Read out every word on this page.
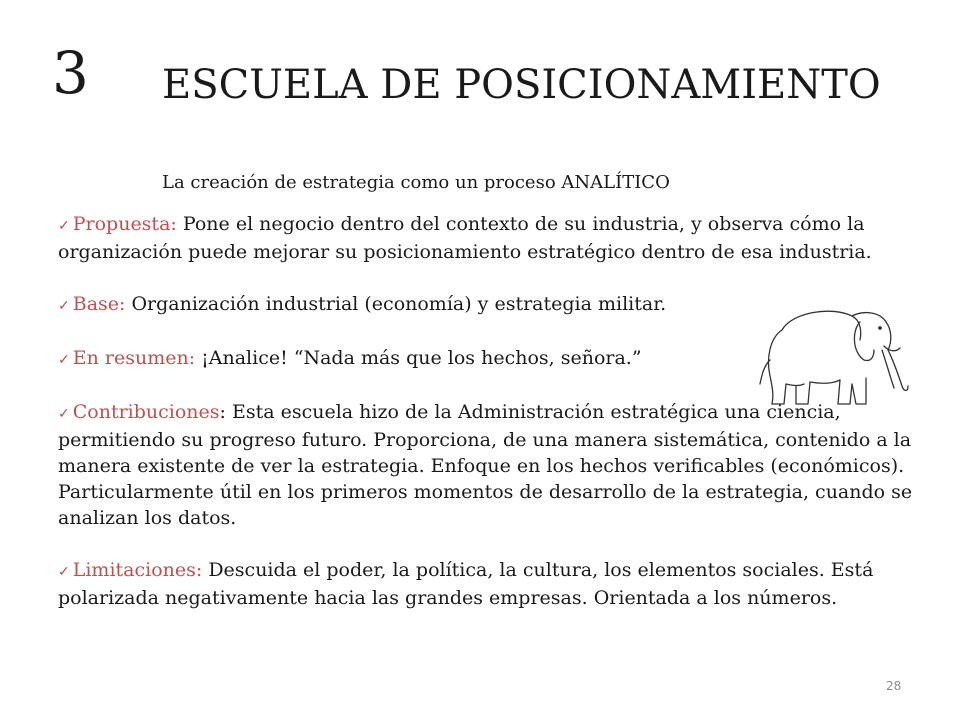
3 ESCUELA DE POSICIONAMIENTO
La creación de estrategia como un proceso ANALÍTICO

✓ Propuesta: Pone el negocio dentro del contexto de su industria, y observa cómo la organización puede mejorar su posicionamiento estratégico dentro de esa industria.

✓ Base: Organización industrial (economía) y estrategia militar.

✓ En resumen: ¡Analice! “Nada más que los hechos, señora.”

✓ Contribuciones: Esta escuela hizo de la Administración estratégica una ciencia, permitiendo su progreso futuro. Proporciona, de una manera sistemática, contenido a la manera existente de ver la estrategia. Enfoque en los hechos verificables (económicos). Particularmente útil en los primeros momentos de desarrollo de la estrategia, cuando se analizan los datos.

✓ Limitaciones: Descuida el poder, la política, la cultura, los elementos sociales. Está polarizada negativamente hacia las grandes empresas. Orientada a los números.

28
